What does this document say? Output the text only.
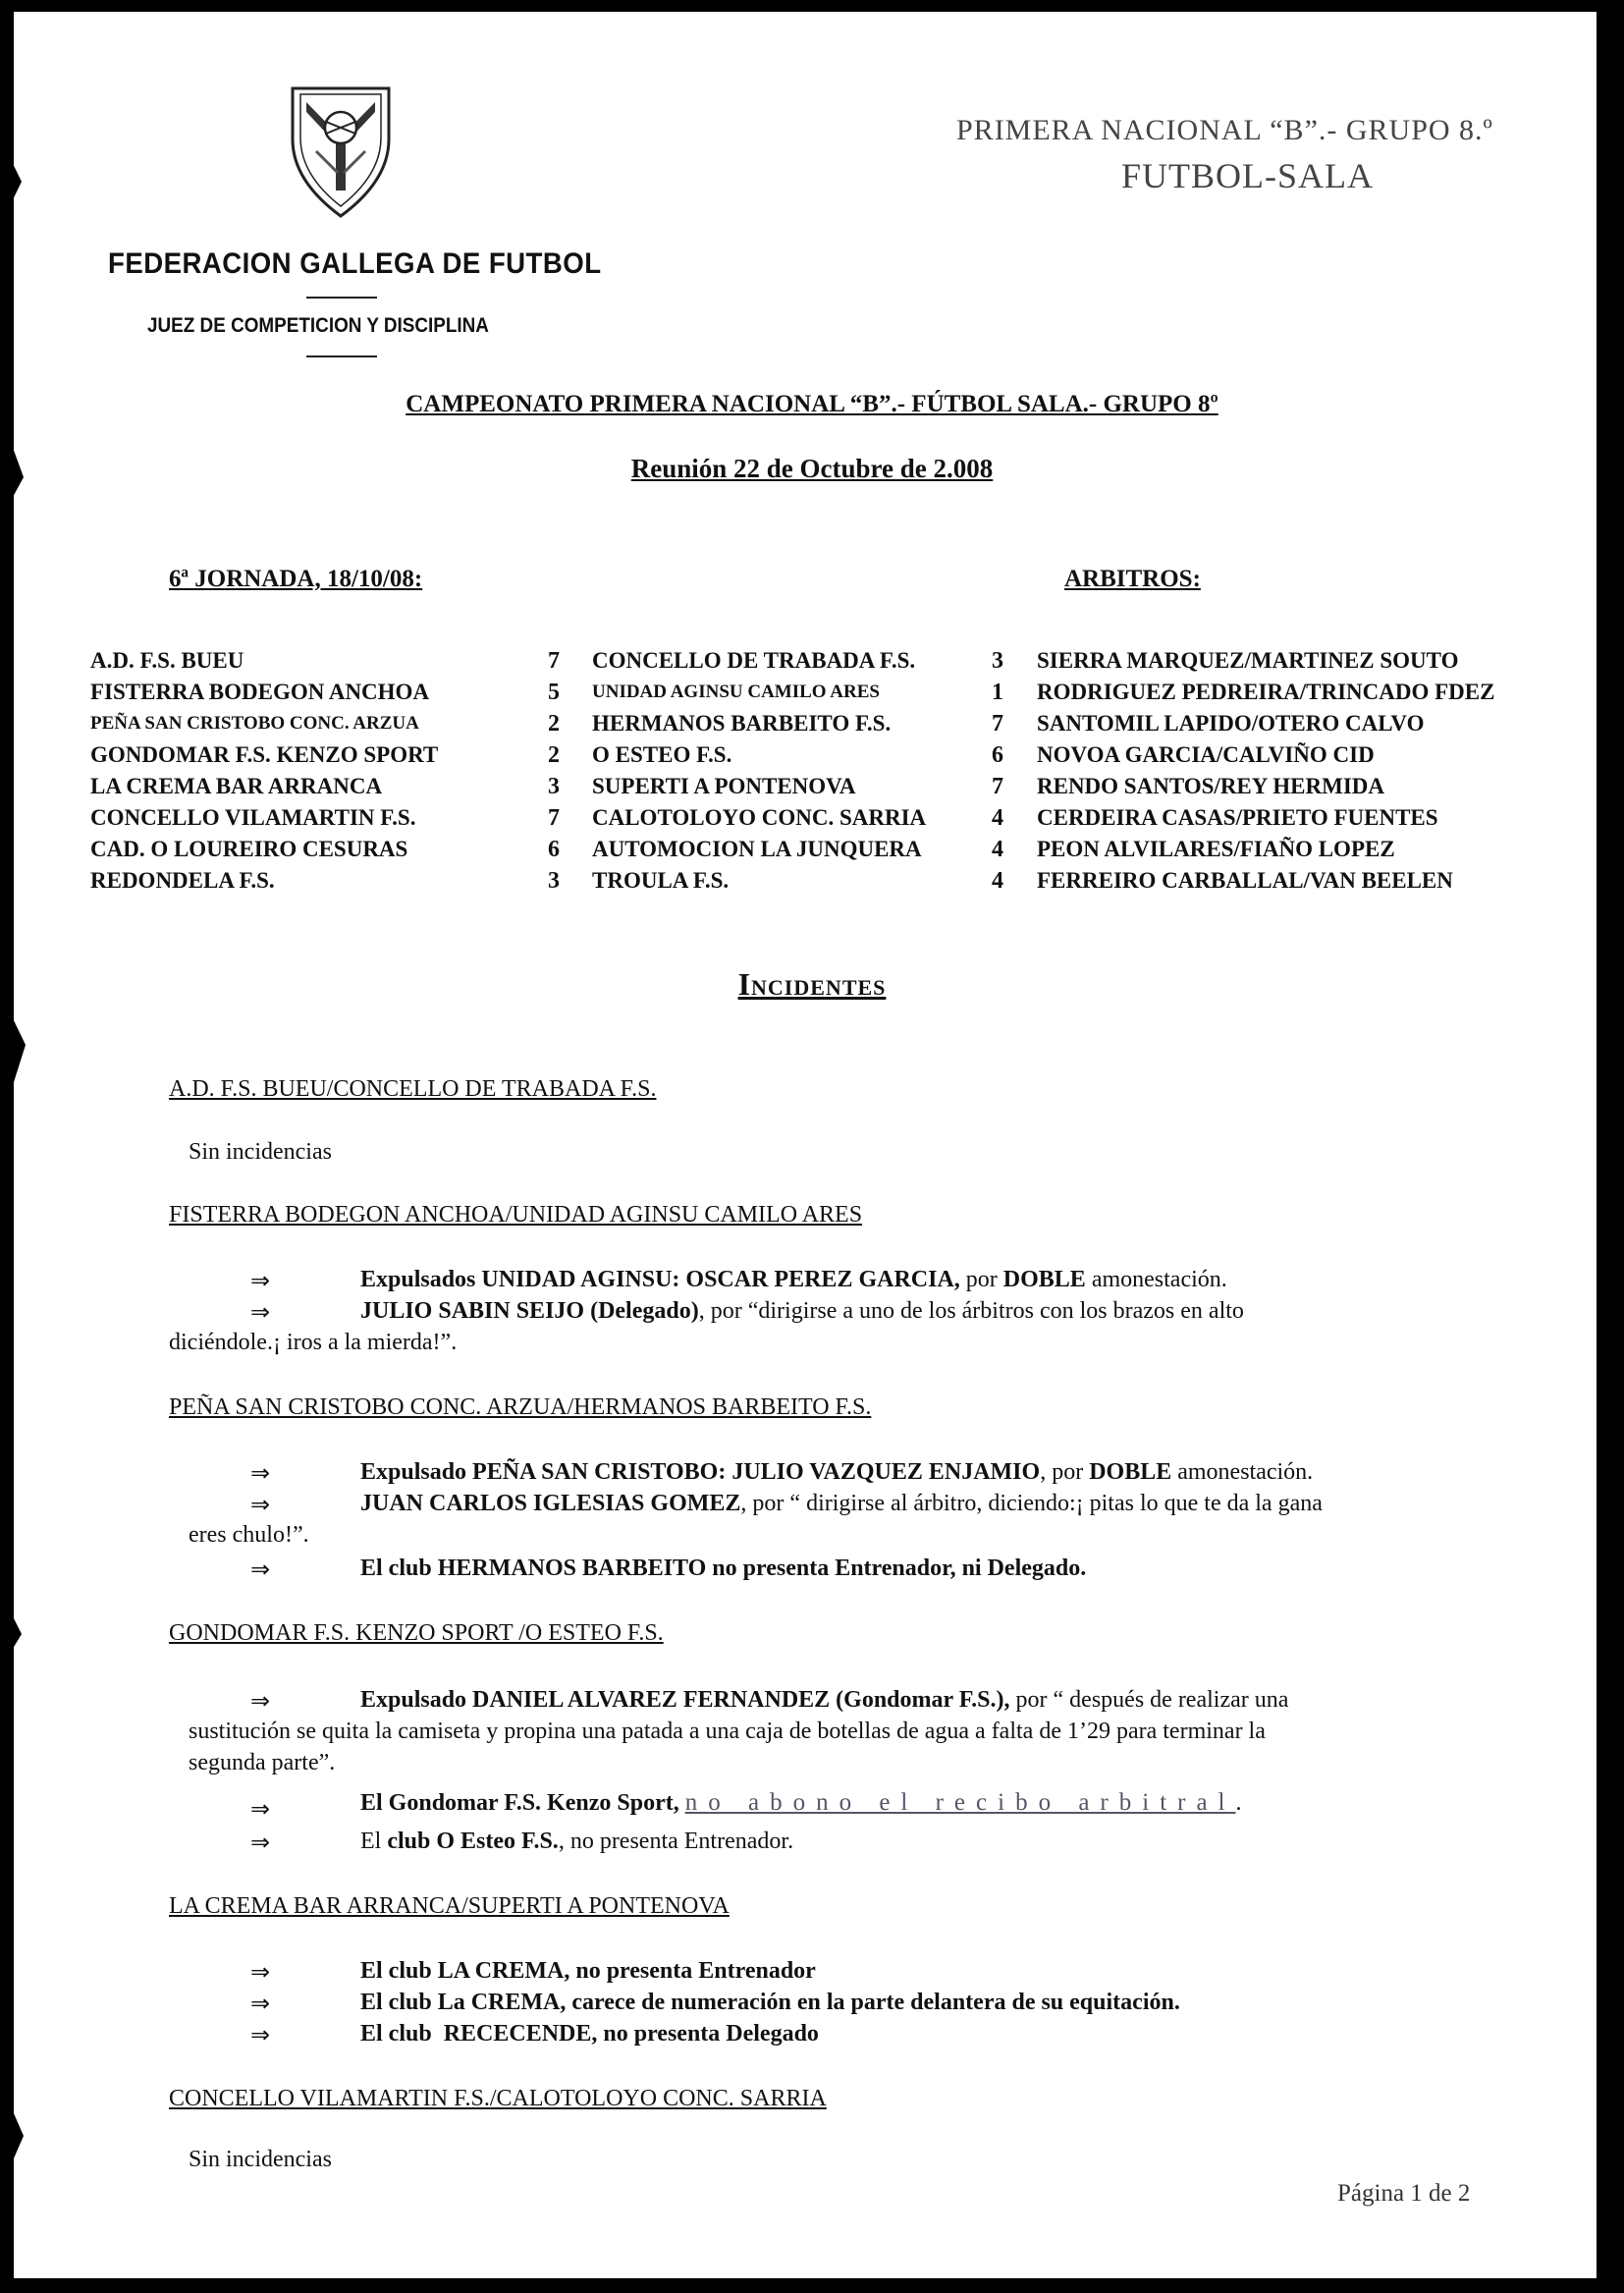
FEDERACION GALLEGA DE FUTBOL
JUEZ DE COMPETICION Y DISCIPLINA
PRIMERA NACIONAL “B”.- GRUPO 8.º
FUTBOL-SALA
CAMPEONATO PRIMERA NACIONAL “B”.- FÚTBOL SALA.- GRUPO 8º
Reunión 22 de Octubre de 2.008
6ª JORNADA, 18/10/08:	ARBITROS:
A.D. F.S. BUEU	7 CONCELLO DE TRABADA F.S.	3 SIERRA MARQUEZ/MARTINEZ SOUTO
FISTERRA BODEGON ANCHOA	5 UNIDAD AGINSU CAMILO ARES	1 RODRIGUEZ PEDREIRA/TRINCADO FDEZ
PEÑA SAN CRISTOBO CONC. ARZUA	2 HERMANOS BARBEITO F.S.	7 SANTOMIL LAPIDO/OTERO CALVO
GONDOMAR F.S. KENZO SPORT	2 O ESTEO F.S.	6 NOVOA GARCIA/CALVIÑO CID
LA CREMA BAR ARRANCA	3 SUPERTI A PONTENOVA	7 RENDO SANTOS/REY HERMIDA
CONCELLO VILAMARTIN F.S.	7 CALOTOLOYO CONC. SARRIA	4 CERDEIRA CASAS/PRIETO FUENTES
CAD. O LOUREIRO CESURAS	6 AUTOMOCION LA JUNQUERA	4 PEON ALVILARES/FIAÑO LOPEZ
REDONDELA F.S.	3 TROULA F.S.	4 FERREIRO CARBALLAL/VAN BEELEN
Incidentes
A.D. F.S. BUEU/CONCELLO DE TRABADA F.S.
Sin incidencias
FISTERRA BODEGON ANCHOA/UNIDAD AGINSU CAMILO ARES
⇒	Expulsados UNIDAD AGINSU: OSCAR PEREZ GARCIA, por DOBLE amonestación.
⇒	JULIO SABIN SEIJO (Delegado), por “dirigirse a uno de los árbitros con los brazos en alto
diciéndole.¡ iros a la mierda!”.
PEÑA SAN CRISTOBO CONC. ARZUA/HERMANOS BARBEITO F.S.
⇒	Expulsado PEÑA SAN CRISTOBO: JULIO VAZQUEZ ENJAMIO, por DOBLE amonestación.
⇒	JUAN CARLOS IGLESIAS GOMEZ, por “ dirigirse al árbitro, diciendo:¡ pitas lo que te da la gana
eres chulo!”.
⇒	El club HERMANOS BARBEITO no presenta Entrenador, ni Delegado.
GONDOMAR F.S. KENZO SPORT /O ESTEO F.S.
⇒	Expulsado DANIEL ALVAREZ FERNANDEZ (Gondomar F.S.), por “ después de realizar una
sustitución se quita la camiseta y propina una patada a una caja de botellas de agua a falta de 1’29 para terminar la
segunda parte”.
⇒	El Gondomar F.S. Kenzo Sport, no abono el recibo arbitral.
⇒	El club O Esteo F.S., no presenta Entrenador.
LA CREMA BAR ARRANCA/SUPERTI A PONTENOVA
⇒	El club LA CREMA, no presenta Entrenador
⇒	El club La CREMA, carece de numeración en la parte delantera de su equitación.
⇒	El club  RECECENDE, no presenta Delegado
CONCELLO VILAMARTIN F.S./CALOTOLOYO CONC. SARRIA
Sin incidencias
Página 1 de 2
